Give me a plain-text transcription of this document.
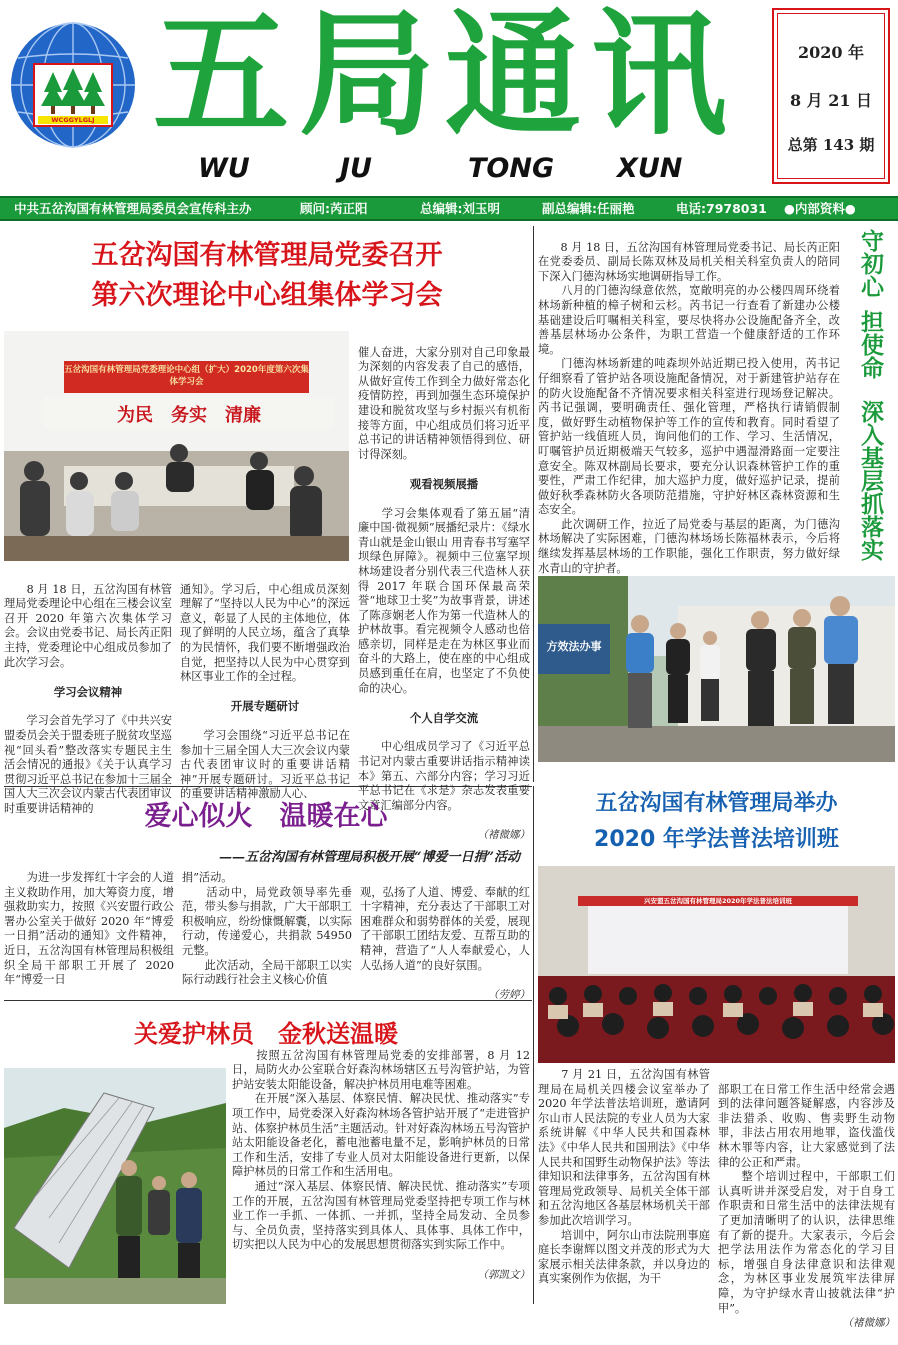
WCGGYLGLJ 五局通讯
WU	JU	TONG XUN
2020 年
8 月 21 日
总第 143 期
中共五岔沟国有林管理局委员会宣传科主办	顾问:芮正阳	总编辑:刘玉明	副总编辑:任丽艳	电话:7978031 ●内部资料●
五岔沟国有林管理局党委召开
第六次理论中心组集体学习会
五岔沟国有林管理局党委理论中心组（扩大）2020年度第六次集体学习会
为民　务实　清廉

催人奋进，大家分别对自己印象最为深刻的内容发表了自己的感悟，从做好宣传工作到全力做好常态化疫情防控，再到加强生态环境保护建设和脱贫攻坚与乡村振兴有机衔接等方面，中心组成员们将习近平总书记的讲话精神领悟得到位、研讨得深刻。

观看视频展播

　　学习会集体观看了第五届“清廉中国·微视频”展播纪录片：《绿水青山就是金山银山 用青春书写塞罕坝绿色屏障》。视频中三位塞罕坝林场建设者分别代表三代造林人获得 2017 年联合国环保最高荣誉“地球卫士奖”为故事背景，讲述了陈彦娴老人作为第一代造林人的护林故事。看完视频令人感动也倍感亲切，同样是走在为林区事业而奋斗的大路上，使在座的中心组成员感到重任在肩，也坚定了不负使命的决心。

个人自学交流

　　中心组成员学习了《习近平总书记对内蒙古重要讲话指示精神读本》第五、六部分内容；学习习近平总书记在《求是》杂志发表重要文章汇编部分内容。

（褚微娜）

　　8 月 18 日，五岔沟国有林管理局党委理论中心组在三楼会议室召开 2020 年第六次集体学习会。会议由党委书记、局长芮正阳主持，党委理论中心组成员参加了此次学习会。

学习会议精神

　　学习会首先学习了《中共兴安盟委员会关于盟委班子脱贫攻坚巡视“回头看”整改落实专题民主生活会情况的通报》《关于认真学习贯彻习近平总书记在参加十三届全国人大三次会议内蒙古代表团审议时重要讲话精神的

通知》。学习后，中心组成员深刻理解了“坚持以人民为中心”的深远意义，彰显了人民的主体地位，体现了鲜明的人民立场，蕴含了真挚的为民情怀，我们要不断增强政治自觉，把坚持以人民为中心贯穿到林区事业工作的全过程。

开展专题研讨

　　学习会围绕“习近平总书记在参加十三届全国人大三次会议内蒙古代表团审议时的重要讲话精神”开展专题研讨。习近平总书记的重要讲话精神激励人心、

　　8 月 18 日，五岔沟国有林管理局党委书记、局长芮正阳在党委委员、副局长陈双林及局机关相关科室负责人的陪同下深入门德沟林场实地调研指导工作。
　　八月的门德沟绿意依然，宽敞明亮的办公楼四周环绕着林场新种植的樟子树和云杉。芮书记一行查看了新建办公楼基础建设后叮嘱相关科室，要尽快将办公设施配备齐全，改善基层林场办公条件，为职工营造一个健康舒适的工作环境。
　　门德沟林场新建的吨森坝外站近期已投入使用，芮书记仔细察看了管护站各项设施配备情况，对于新建管护站存在的防火设施配备不齐情况要求相关科室进行现场登记解决。芮书记强调，要明确责任、强化管理，严格执行请销假制度，做好野生动植物保护等工作的宣传和教育。同时看望了管护站一线值班人员，询问他们的工作、学习、生活情况，叮嘱管护员近期极端天气较多，巡护中遇湿滑路面一定要注意安全。陈双林副局长要求，要充分认识森林管护工作的重要性，严肃工作纪律，加大巡护力度，做好巡护记录，提前做好秋季森林防火各项防范措施，守护好林区森林资源和生态安全。
　　此次调研工作，拉近了局党委与基层的距离，为门德沟林场解决了实际困难，门德沟林场场长陈福林表示，今后将继续发挥基层林场的工作职能，强化工作职责，努力做好绿水青山的守护者。

守初心
担使命
深入基层抓落实
方效法办事
爱心似火　温暖在心
——五岔沟国有林管理局积极开展“博爱一日捐”活动
　　为进一步发挥红十字会的人道主义救助作用，加大筹资力度，增强救助实力，按照《兴安盟行政公署办公室关于做好 2020 年“博爱一日捐”活动的通知》文件精神，近日，五岔沟国有林管理局积极组织全局干部职工开展了 2020 年“博爱一日
捐”活动。
　　活动中，局党政领导率先垂范，带头参与捐款，广大干部职工积极响应，纷纷慷慨解囊，以实际行动，传递爱心，共捐款 54950 元整。
　　此次活动，全局干部职工以实际行动践行社会主义核心价值

观，弘扬了人道、博爱、奉献的红十字精神，充分表达了干部职工对困难群众和弱势群体的关爱，展现了干部职工团结友爱、互帮互助的精神，营造了“人人奉献爱心，人人弘扬人道”的良好氛围。

（劳婷）

关爱护林员　金秋送温暖

　　按照五岔沟国有林管理局党委的安排部署，8 月 12 日，局防火办公室联合好森沟林场辖区五号沟管护站，为管护站安装太阳能设备，解决护林员用电难等困难。
　　在开展“深入基层、体察民情、解决民忧、推动落实”专项工作中，局党委深入好森沟林场各管护站开展了“走进管护站、体察护林员生活”主题活动。针对好森沟林场五号沟管护站太阳能设备老化，蓄电池蓄电量不足，影响护林员的日常工作和生活，安排了专业人员对太阳能设备进行更新，以保障护林员的日常工作和生活用电。
　　通过“深入基层、体察民情、解决民忧、推动落实”专项工作的开展，五岔沟国有林管理局党委坚持把专项工作与林业工作一手抓、一体抓、一并抓，坚持全局发动、全员参与、全员负责，坚持落实到具体人、具体事、具体工作中，切实把以人民为中心的发展思想贯彻落实到实际工作中。

（郭凯文）

五岔沟国有林管理局举办
2020 年学法普法培训班
兴安盟五岔沟国有林管理局2020年学法普法培训班
　　7 月 21 日，五岔沟国有林管理局在局机关四楼会议室举办了 2020 年学法普法培训班，邀请阿尔山市人民法院的专业人员为大家系统讲解《中华人民共和国森林法》《中华人民共和国刑法》《中华人民共和国野生动物保护法》等法律知识和法律事务，五岔沟国有林管理局党政领导、局机关全体干部和五岔沟地区各基层林场机关干部参加此次培训学习。
　　培训中，阿尔山市法院刑事庭庭长李谢辉以图文并茂的形式为大家展示相关法律条款，并以身边的真实案例作为依据，为干

部职工在日常工作生活中经常会遇到的法律问题答疑解惑，内容涉及非法猎杀、收购、售卖野生动物罪，非法占用农用地罪，盗伐滥伐林木罪等内容，让大家感觉到了法律的公正和严肃。
　　整个培训过程中，干部职工们认真听讲并深受启发，对于自身工作职责和日常生活中的法律法规有了更加清晰明了的认识，法律思维有了新的提升。大家表示，今后会把学法用法作为常态化的学习目标，增强自身法律意识和法律观念，为林区事业发展筑牢法律屏障，为守护绿水青山披就法律“护甲”。

（褚微娜）
